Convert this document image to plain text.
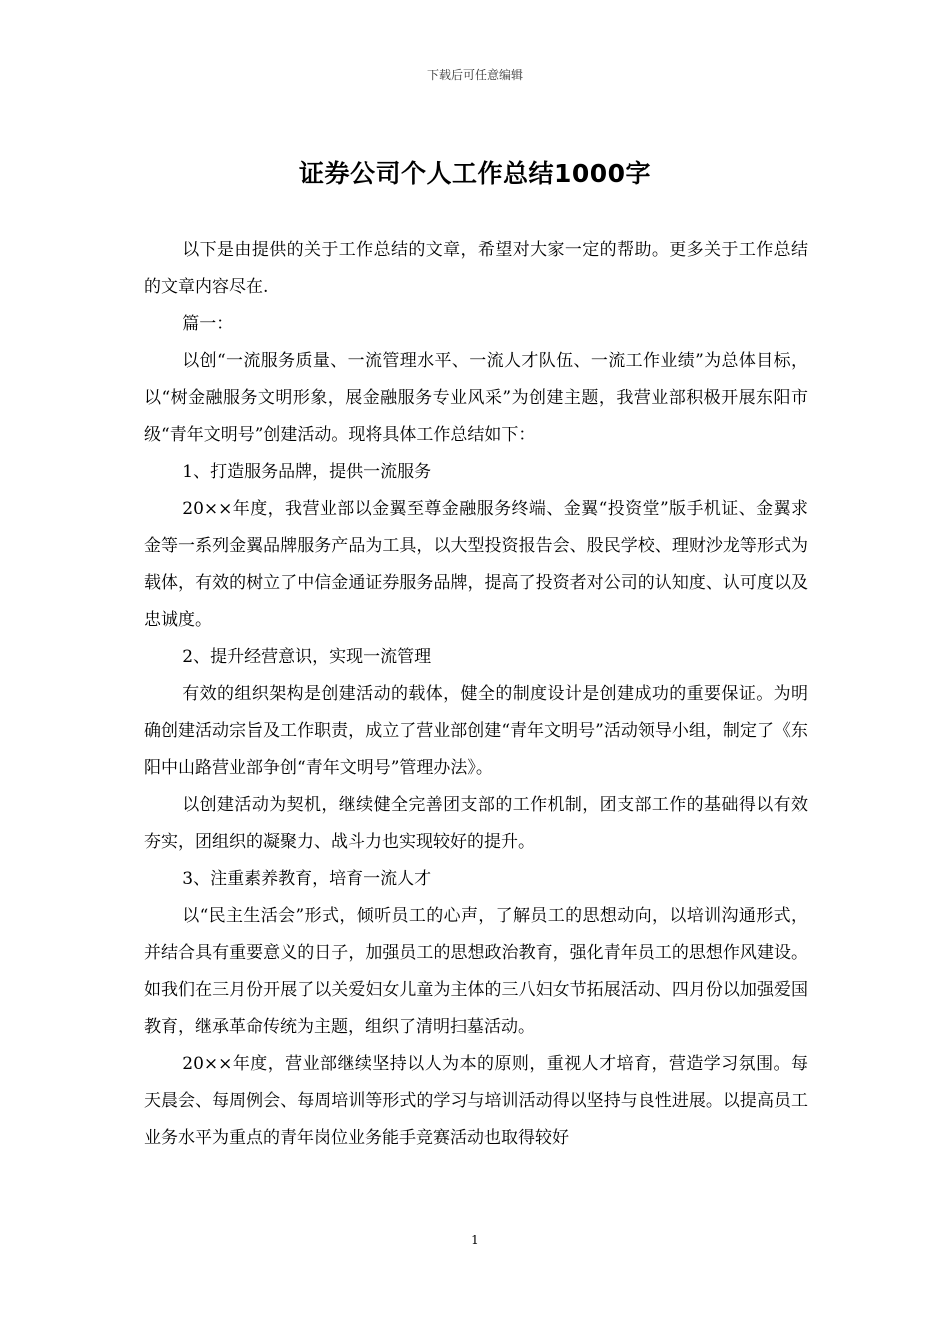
下载后可任意编辑
证券公司个人工作总结1000字

以下是由提供的关于工作总结的文章，希望对大家一定的帮助。更多关于工作总结的文章内容尽在.

篇一：

以创“一流服务质量、一流管理水平、一流人才队伍、一流工作业绩”为总体目标，以“树金融服务文明形象，展金融服务专业风采”为创建主题，我营业部积极开展东阳市级“青年文明号”创建活动。现将具体工作总结如下：

1、打造服务品牌，提供一流服务

20××年度，我营业部以金翼至尊金融服务终端、金翼“投资堂”版手机证、金翼求金等一系列金翼品牌服务产品为工具，以大型投资报告会、股民学校、理财沙龙等形式为载体，有效的树立了中信金通证券服务品牌，提高了投资者对公司的认知度、认可度以及忠诚度。

2、提升经营意识，实现一流管理

有效的组织架构是创建活动的载体，健全的制度设计是创建成功的重要保证。为明确创建活动宗旨及工作职责，成立了营业部创建“青年文明号”活动领导小组，制定了《东阳中山路营业部争创“青年文明号”管理办法》。

以创建活动为契机，继续健全完善团支部的工作机制，团支部工作的基础得以有效夯实，团组织的凝聚力、战斗力也实现较好的提升。

3、注重素养教育，培育一流人才

以“民主生活会”形式，倾听员工的心声，了解员工的思想动向，以培训沟通形式，并结合具有重要意义的日子，加强员工的思想政治教育，强化青年员工的思想作风建设。如我们在三月份开展了以关爱妇女儿童为主体的三八妇女节拓展活动、四月份以加强爱国教育，继承革命传统为主题，组织了清明扫墓活动。

20××年度，营业部继续坚持以人为本的原则，重视人才培育，营造学习氛围。每天晨会、每周例会、每周培训等形式的学习与培训活动得以坚持与良性进展。以提高员工业务水平为重点的青年岗位业务能手竞赛活动也取得较好

1
